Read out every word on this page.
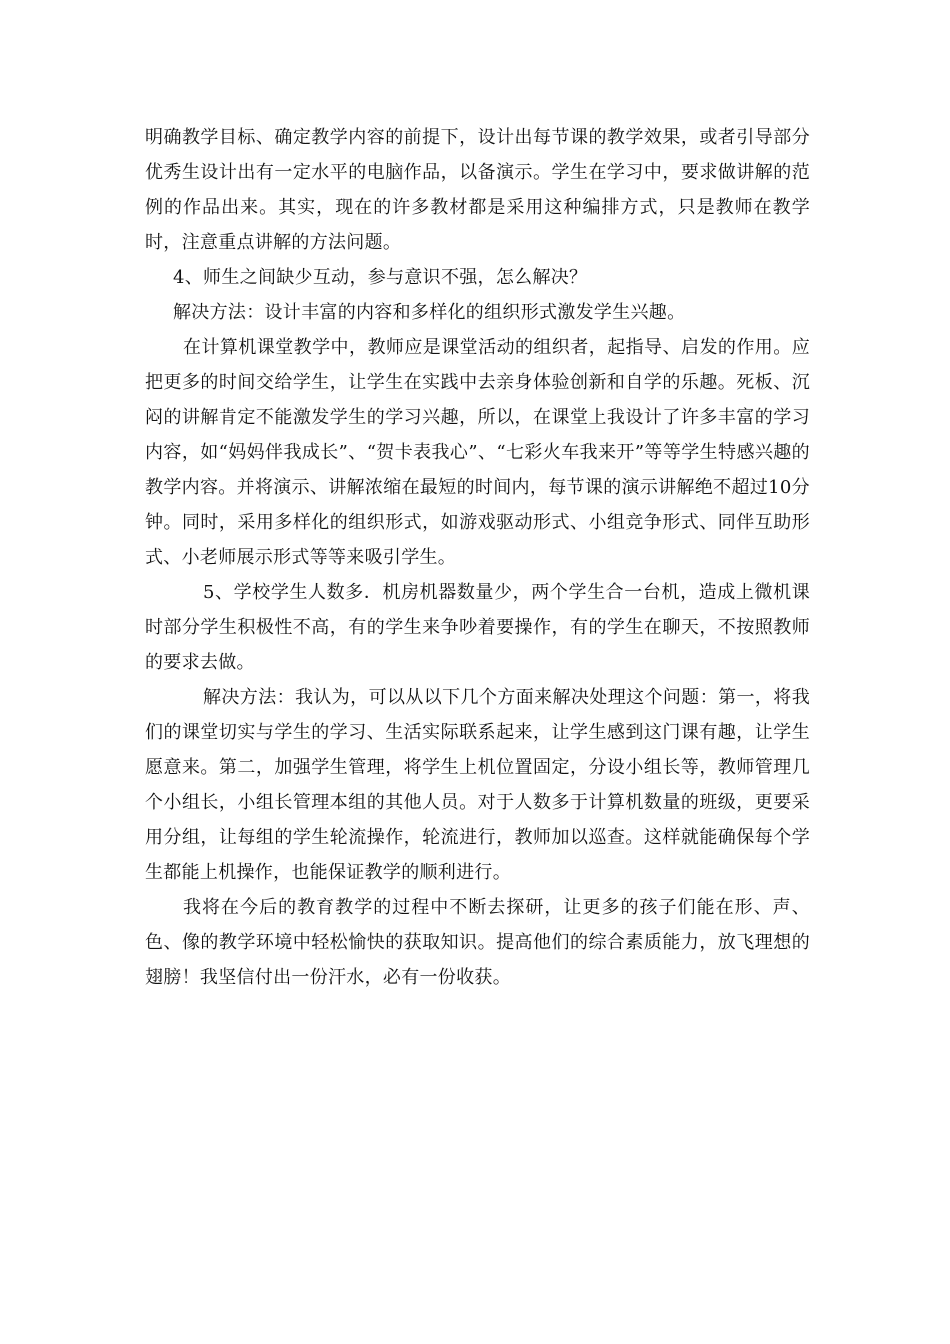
明确教学目标、确定教学内容的前提下，设计出每节课的教学效果，或者引导部分优秀生设计出有一定水平的电脑作品，以备演示。学生在学习中，要求做讲解的范例的作品出来。其实，现在的许多教材都是采用这种编排方式，只是教师在教学时，注意重点讲解的方法问题。

4、师生之间缺少互动，参与意识不强，怎么解决？

解决方法：设计丰富的内容和多样化的组织形式激发学生兴趣。

在计算机课堂教学中，教师应是课堂活动的组织者，起指导、启发的作用。应把更多的时间交给学生，让学生在实践中去亲身体验创新和自学的乐趣。死板、沉闷的讲解肯定不能激发学生的学习兴趣，所以，在课堂上我设计了许多丰富的学习内容，如“妈妈伴我成长”、“贺卡表我心”、“七彩火车我来开”等等学生特感兴趣的教学内容。并将演示、讲解浓缩在最短的时间内，每节课的演示讲解绝不超过10分钟。同时，采用多样化的组织形式，如游戏驱动形式、小组竞争形式、同伴互助形式、小老师展示形式等等来吸引学生。

5、学校学生人数多．机房机器数量少，两个学生合一台机，造成上微机课时部分学生积极性不高，有的学生来争吵着要操作，有的学生在聊天，不按照教师的要求去做。

解决方法：我认为，可以从以下几个方面来解决处理这个问题：第一，将我们的课堂切实与学生的学习、生活实际联系起来，让学生感到这门课有趣，让学生愿意来。第二，加强学生管理，将学生上机位置固定，分设小组长等，教师管理几个小组长，小组长管理本组的其他人员。对于人数多于计算机数量的班级，更要采用分组，让每组的学生轮流操作，轮流进行，教师加以巡查。这样就能确保每个学生都能上机操作，也能保证教学的顺利进行。

我将在今后的教育教学的过程中不断去探研，让更多的孩子们能在形、声、色、像的教学环境中轻松愉快的获取知识。提高他们的综合素质能力，放飞理想的翅膀！我坚信付出一份汗水，必有一份收获。
